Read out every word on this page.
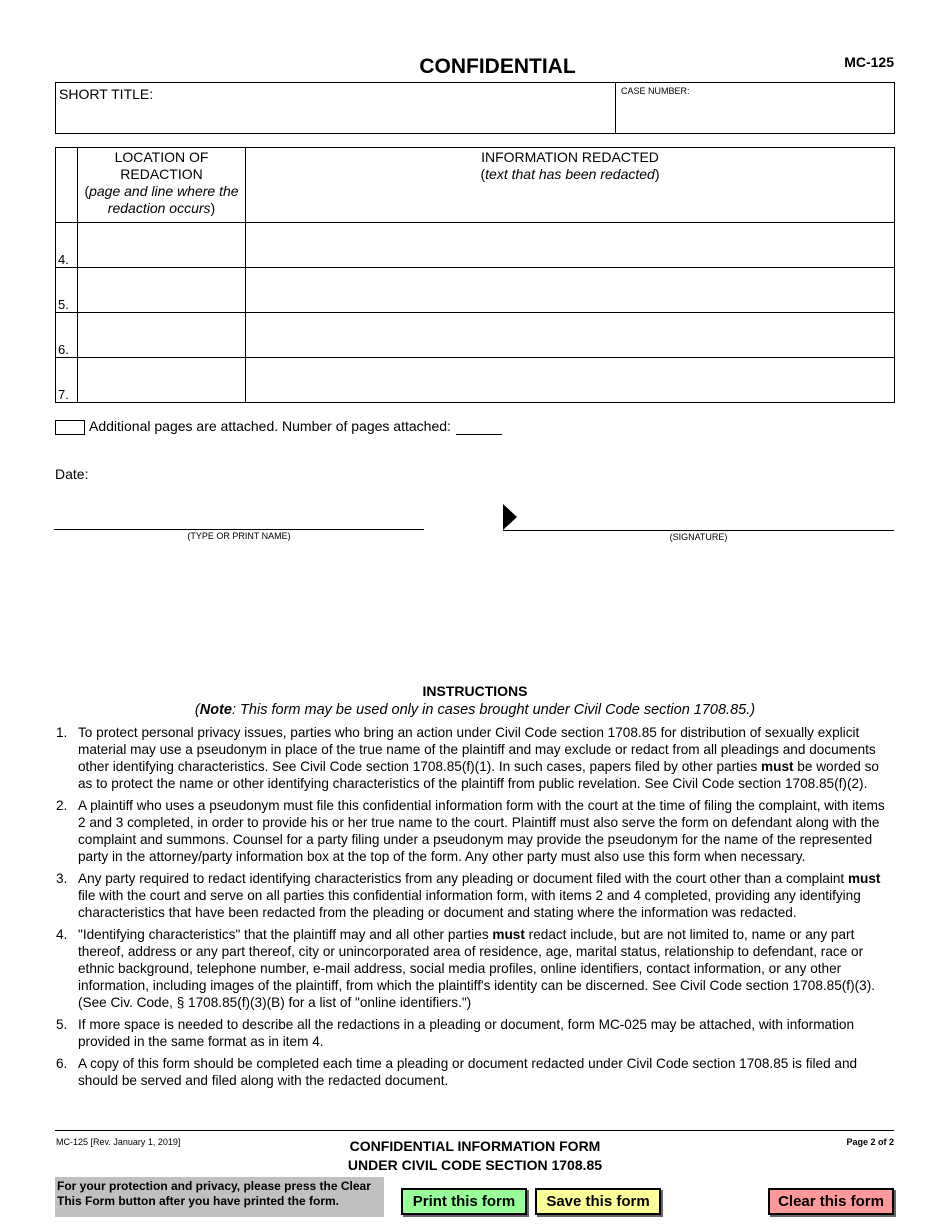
CONFIDENTIAL	MC-125
SHORT TITLE:	CASE NUMBER:
	LOCATION OF
REDACTION
(page and line where the
redaction occurs)	INFORMATION REDACTED
(text that has been redacted)
4.		
5.		
6.		
7.		
Additional pages are attached. Number of pages attached:
Date:
(TYPE OR PRINT NAME)	(SIGNATURE)
INSTRUCTIONS
(Note: This form may be used only in cases brought under Civil Code section 1708.85.)
1. To protect personal privacy issues, parties who bring an action under Civil Code section 1708.85 for distribution of sexually explicit material may use a pseudonym in place of the true name of the plaintiff and may exclude or redact from all pleadings and documents other identifying characteristics. See Civil Code section 1708.85(f)(1). In such cases, papers filed by other parties must be worded so as to protect the name or other identifying characteristics of the plaintiff from public revelation. See Civil Code section 1708.85(f)(2).
2. A plaintiff who uses a pseudonym must file this confidential information form with the court at the time of filing the complaint, with items 2 and 3 completed, in order to provide his or her true name to the court. Plaintiff must also serve the form on defendant along with the complaint and summons. Counsel for a party filing under a pseudonym may provide the pseudonym for the name of the represented party in the attorney/party information box at the top of the form. Any other party must also use this form when necessary.
3. Any party required to redact identifying characteristics from any pleading or document filed with the court other than a complaint must file with the court and serve on all parties this confidential information form, with items 2 and 4 completed, providing any identifying characteristics that have been redacted from the pleading or document and stating where the information was redacted.
4. "Identifying characteristics" that the plaintiff may and all other parties must redact include, but are not limited to, name or any part thereof, address or any part thereof, city or unincorporated area of residence, age, marital status, relationship to defendant, race or ethnic background, telephone number, e-mail address, social media profiles, online identifiers, contact information, or any other information, including images of the plaintiff, from which the plaintiff's identity can be discerned. See Civil Code section 1708.85(f)(3). (See Civ. Code, § 1708.85(f)(3)(B) for a list of "online identifiers.")
5. If more space is needed to describe all the redactions in a pleading or document, form MC-025 may be attached, with information provided in the same format as in item 4.
6. A copy of this form should be completed each time a pleading or document redacted under Civil Code section 1708.85 is filed and should be served and filed along with the redacted document.
MC-125 [Rev. January 1, 2019]	CONFIDENTIAL INFORMATION FORM
UNDER CIVIL CODE SECTION 1708.85
Page 2 of 2
For your protection and privacy, please press the Clear
This Form button after you have printed the form.	Print this form	Save this form	Clear this form
